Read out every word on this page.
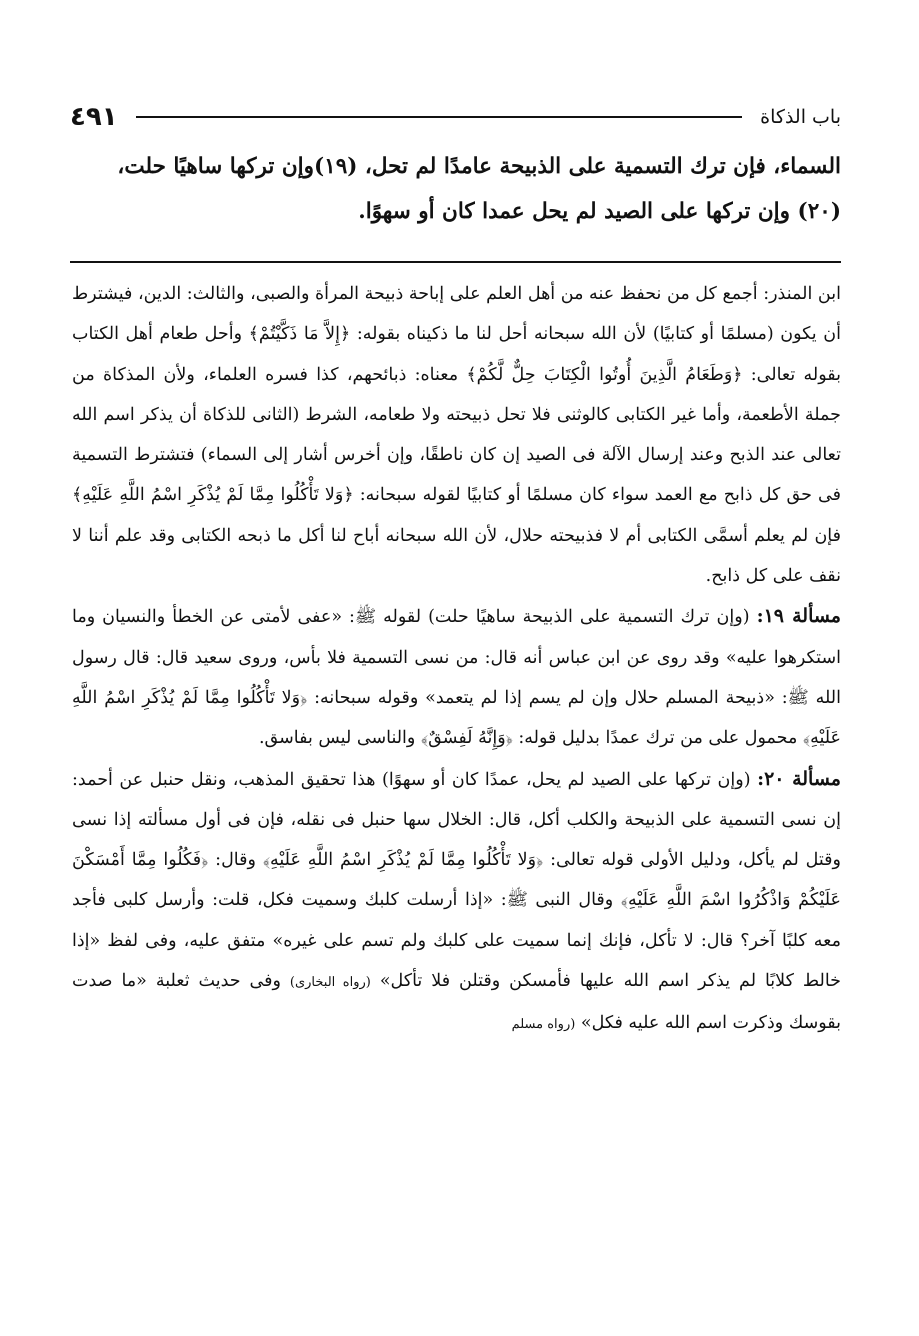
باب الذكاة
٤٩١

السماء، فإن ترك التسمية على الذبيحة عامدًا لم تحل، (١٩)وإن تركها ساهيًا حلت،

(٢٠) وإن تركها على الصيد لم يحل عمدا كان أو سهوًا.

ابن المنذر: أجمع كل من نحفظ عنه من أهل العلم على إباحة ذبيحة المرأة والصبى، والثالث: الدين، فيشترط أن يكون (مسلمًا أو كتابيًا) لأن الله سبحانه أحل لنا ما ذكيناه بقوله: ﴿إِلاَّ مَا ذَكَّيْتُمْ﴾ وأحل طعام أهل الكتاب بقوله تعالى: ﴿وَطَعَامُ الَّذِينَ أُوتُوا الْكِتَابَ حِلٌّ لَّكُمْ﴾ معناه: ذبائحهم، كذا فسره العلماء، ولأن المذكاة من جملة الأطعمة، وأما غير الكتابى كالوثنى فلا تحل ذبيحته ولا طعامه، الشرط (الثانى للذكاة أن يذكر اسم الله تعالى عند الذبح وعند إرسال الآلة فى الصيد إن كان ناطقًا، وإن أخرس أشار إلى السماء) فتشترط التسمية فى حق كل ذابح مع العمد سواء كان مسلمًا أو كتابيًا لقوله سبحانه: ﴿وَلا تَأْكُلُوا مِمَّا لَمْ يُذْكَرِ اسْمُ اللَّهِ عَلَيْهِ﴾ فإن لم يعلم أسمَّى الكتابى أم لا فذبيحته حلال، لأن الله سبحانه أباح لنا أكل ما ذبحه الكتابى وقد علم أننا لا نقف على كل ذابح.

مسألة ١٩: (وإن ترك التسمية على الذبيحة ساهيًا حلت) لقوله ﷺ: «عفى لأمتى عن الخطأ والنسيان وما استكرهوا عليه» وقد روى عن ابن عباس أنه قال: من نسى التسمية فلا بأس، وروى سعيد قال: قال رسول الله ﷺ: «ذبيحة المسلم حلال وإن لم يسم إذا لم يتعمد» وقوله سبحانه: ﴿وَلا تَأْكُلُوا مِمَّا لَمْ يُذْكَرِ اسْمُ اللَّهِ عَلَيْهِ﴾ محمول على من ترك عمدًا بدليل قوله: ﴿وَإِنَّهُ لَفِسْقٌ﴾ والناسى ليس بفاسق.

مسألة ٢٠: (وإن تركها على الصيد لم يحل، عمدًا كان أو سهوًا) هذا تحقيق المذهب، ونقل حنبل عن أحمد: إن نسى التسمية على الذبيحة والكلب أكل، قال: الخلال سها حنبل فى نقله، فإن فى أول مسألته إذا نسى وقتل لم يأكل، ودليل الأولى قوله تعالى: ﴿وَلا تَأْكُلُوا مِمَّا لَمْ يُذْكَرِ اسْمُ اللَّهِ عَلَيْهِ﴾ وقال: ﴿فَكُلُوا مِمَّا أَمْسَكْنَ عَلَيْكُمْ وَاذْكُرُوا اسْمَ اللَّهِ عَلَيْهِ﴾ وقال النبى ﷺ: «إذا أرسلت كلبك وسميت فكل، قلت: وأرسل كلبى فأجد معه كلبًا آخر؟ قال: لا تأكل، فإنك إنما سميت على كلبك ولم تسم على غيره» متفق عليه، وفى لفظ «إذا خالط كلابًا لم يذكر اسم الله عليها فأمسكن وقتلن فلا تأكل» (رواه البخارى) وفى حديث ثعلبة «ما صدت بقوسك وذكرت اسم الله عليه فكل» (رواه مسلم
